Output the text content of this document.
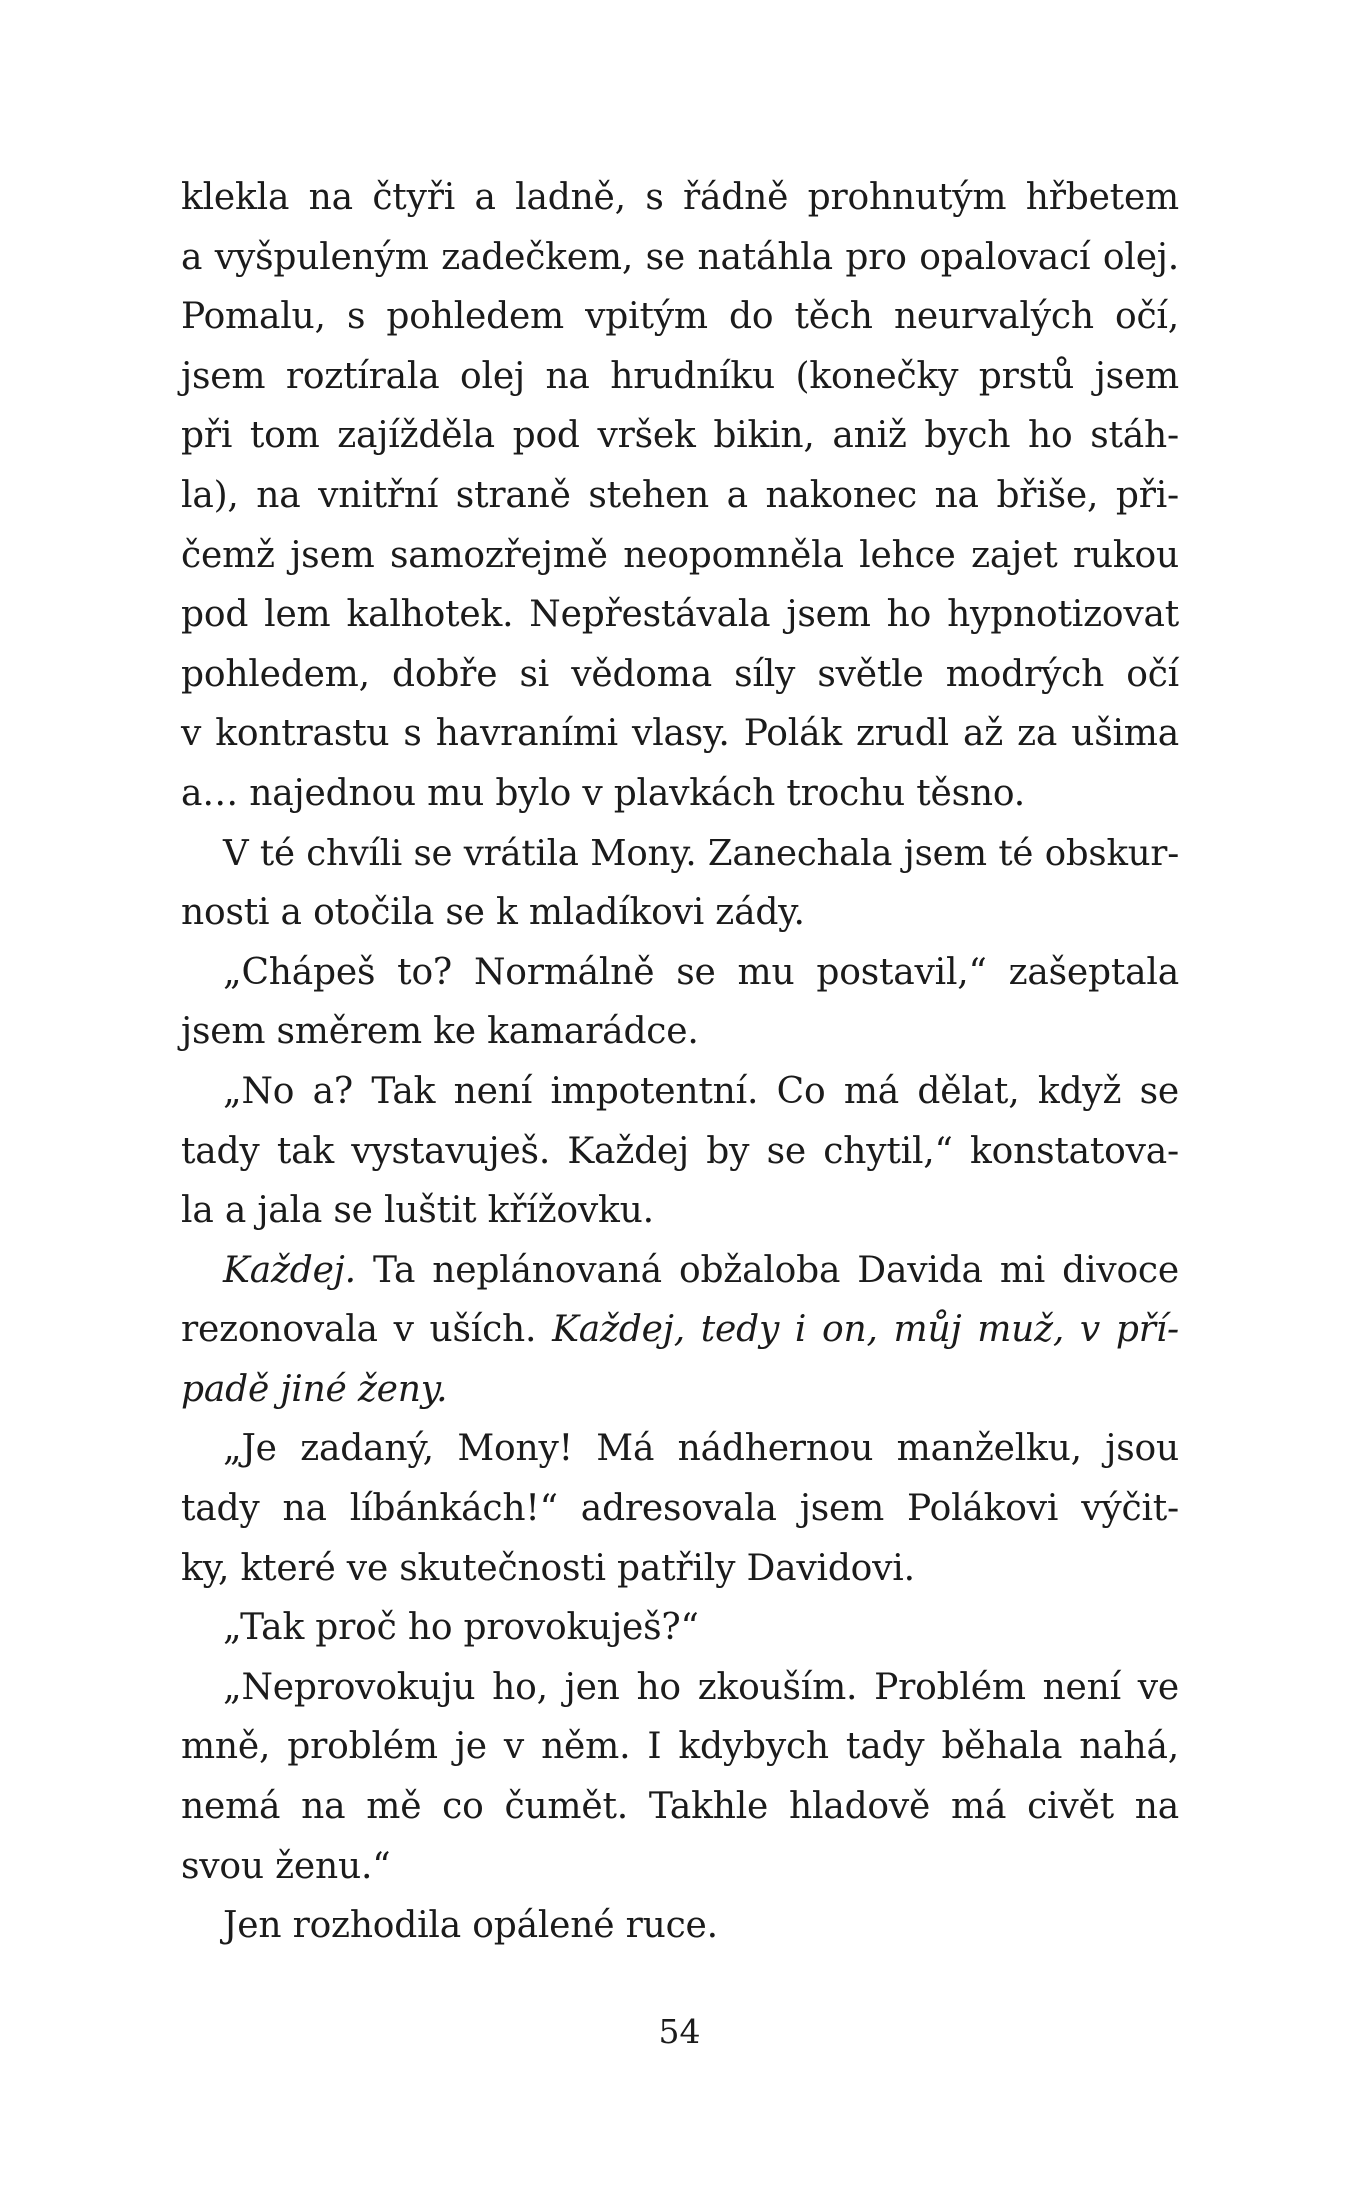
klekla na čtyři a ladně, s řádně prohnutým hřbetem
a vyšpuleným zadečkem, se natáhla pro opalovací olej.
Pomalu, s pohledem vpitým do těch neurvalých očí,
jsem roztírala olej na hrudníku (konečky prstů jsem
při tom zajížděla pod vršek bikin, aniž bych ho stáh-
la), na vnitřní straně stehen a nakonec na břiše, při-
čemž jsem samozřejmě neopomněla lehce zajet rukou
pod lem kalhotek. Nepřestávala jsem ho hypnotizovat
pohledem, dobře si vědoma síly světle modrých očí
v kontrastu s havraními vlasy. Polák zrudl až za ušima
a… najednou mu bylo v plavkách trochu těsno.
V té chvíli se vrátila Mony. Zanechala jsem té obskur-
nosti a otočila se k mladíkovi zády.
„Chápeš to? Normálně se mu postavil,“ zašeptala
jsem směrem ke kamarádce.
„No a? Tak není impotentní. Co má dělat, když se
tady tak vystavuješ. Každej by se chytil,“ konstatova-
la a jala se luštit křížovku.
Každej. Ta neplánovaná obžaloba Davida mi divoce
rezonovala v uších. Každej, tedy i on, můj muž, v pří-
padě jiné ženy.
„Je zadaný, Mony! Má nádhernou manželku, jsou
tady na líbánkách!“ adresovala jsem Polákovi výčit-
ky, které ve skutečnosti patřily Davidovi.
„Tak proč ho provokuješ?“
„Neprovokuju ho, jen ho zkouším. Problém není ve
mně, problém je v něm. I kdybych tady běhala nahá,
nemá na mě co čumět. Takhle hladově má civět na
svou ženu.“
Jen rozhodila opálené ruce.
54
